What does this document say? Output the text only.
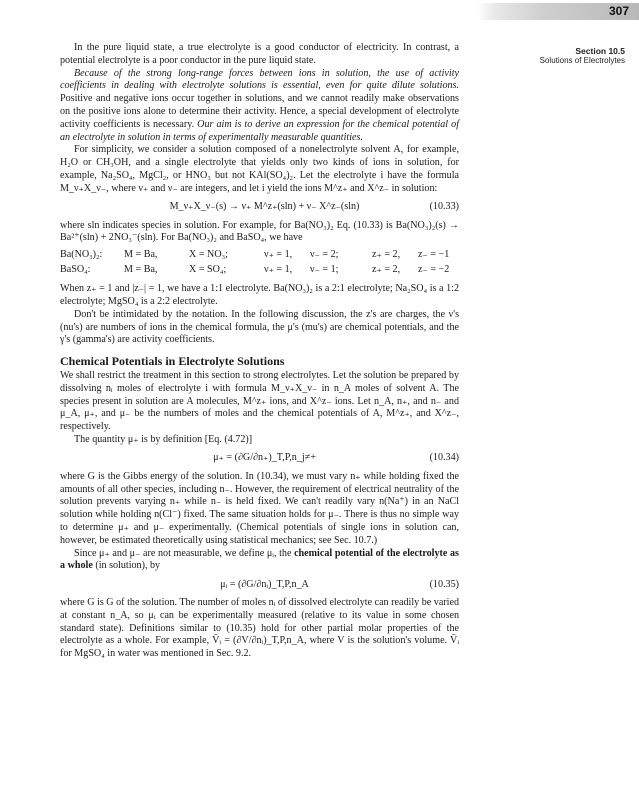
307
Section 10.5
Solutions of Electrolytes

In the pure liquid state, a true electrolyte is a good conductor of electricity. In contrast, a potential electrolyte is a poor conductor in the pure liquid state.

Because of the strong long-range forces between ions in solution, the use of activity coefficients in dealing with electrolyte solutions is essential, even for quite dilute solutions. Positive and negative ions occur together in solutions, and we cannot readily make observations on the positive ions alone to determine their activity. Hence, a special development of electrolyte activity coefficients is necessary. Our aim is to derive an expression for the chemical potential of an electrolyte in solution in terms of experimentally measurable quantities.

For simplicity, we consider a solution composed of a nonelectrolyte solvent A, for example, H₂O or CH₃OH, and a single electrolyte that yields only two kinds of ions in solution, for example, Na₂SO₄, MgCl₂, or HNO₃ but not KAl(SO₄)₂. Let the electrolyte i have the formula M_ν₊X_ν₋, where ν₊ and ν₋ are integers, and let i yield the ions M^z₊ and X^z₋ in solution:

M_ν₊X_ν₋(s) → ν₊ M^z₊(sln) + ν₋ X^z₋(sln)	(10.33)

where sln indicates species in solution. For example, for Ba(NO₃)₂ Eq. (10.33) is Ba(NO₃)₂(s) → Ba²⁺(sln) + 2NO₃⁻(sln). For Ba(NO₃)₂ and BaSO₄, we have

Ba(NO₃)₂:	M = Ba,	X = NO₃;	ν₊ = 1,	ν₋ = 2;	z₊ = 2,	z₋ = −1
BaSO₄:	M = Ba,	X = SO₄;	ν₊ = 1,	ν₋ = 1;	z₊ = 2,	z₋ = −2

When z₊ = 1 and |z₋| = 1, we have a 1:1 electrolyte. Ba(NO₃)₂ is a 2:1 electrolyte; Na₂SO₄ is a 1:2 electrolyte; MgSO₄ is a 2:2 electrolyte.

Don't be intimidated by the notation. In the following discussion, the z's are charges, the ν's (nu's) are numbers of ions in the chemical formula, the μ's (mu's) are chemical potentials, and the γ's (gamma's) are activity coefficients.

Chemical Potentials in Electrolyte Solutions

We shall restrict the treatment in this section to strong electrolytes. Let the solution be prepared by dissolving nᵢ moles of electrolyte i with formula M_ν₊X_ν₋ in n_A moles of solvent A. The species present in solution are A molecules, M^z₊ ions, and X^z₋ ions. Let n_A, n₊, and n₋ and μ_A, μ₊, and μ₋ be the numbers of moles and the chemical potentials of A, M^z₊, and X^z₋, respectively.

The quantity μ₊ is by definition [Eq. (4.72)]

μ₊ = (∂G/∂n₊)_T,P,n_j≠+	(10.34)

where G is the Gibbs energy of the solution. In (10.34), we must vary n₊ while holding fixed the amounts of all other species, including n₋. However, the requirement of electrical neutrality of the solution prevents varying n₊ while n₋ is held fixed. We can't readily vary n(Na⁺) in an NaCl solution while holding n(Cl⁻) fixed. The same situation holds for μ₋. There is thus no simple way to determine μ₊ and μ₋ experimentally. (Chemical potentials of single ions in solution can, however, be estimated theoretically using statistical mechanics; see Sec. 10.7.)

Since μ₊ and μ₋ are not measurable, we define μᵢ, the chemical potential of the electrolyte as a whole (in solution), by

μᵢ = (∂G/∂nᵢ)_T,P,n_A	(10.35)

where G is G of the solution. The number of moles nᵢ of dissolved electrolyte can readily be varied at constant n_A, so μᵢ can be experimentally measured (relative to its value in some chosen standard state). Definitions similar to (10.35) hold for other partial molar properties of the electrolyte as a whole. For example, V̄ᵢ = (∂V/∂nᵢ)_T,P,n_A, where V is the solution's volume. V̄ᵢ for MgSO₄ in water was mentioned in Sec. 9.2.
